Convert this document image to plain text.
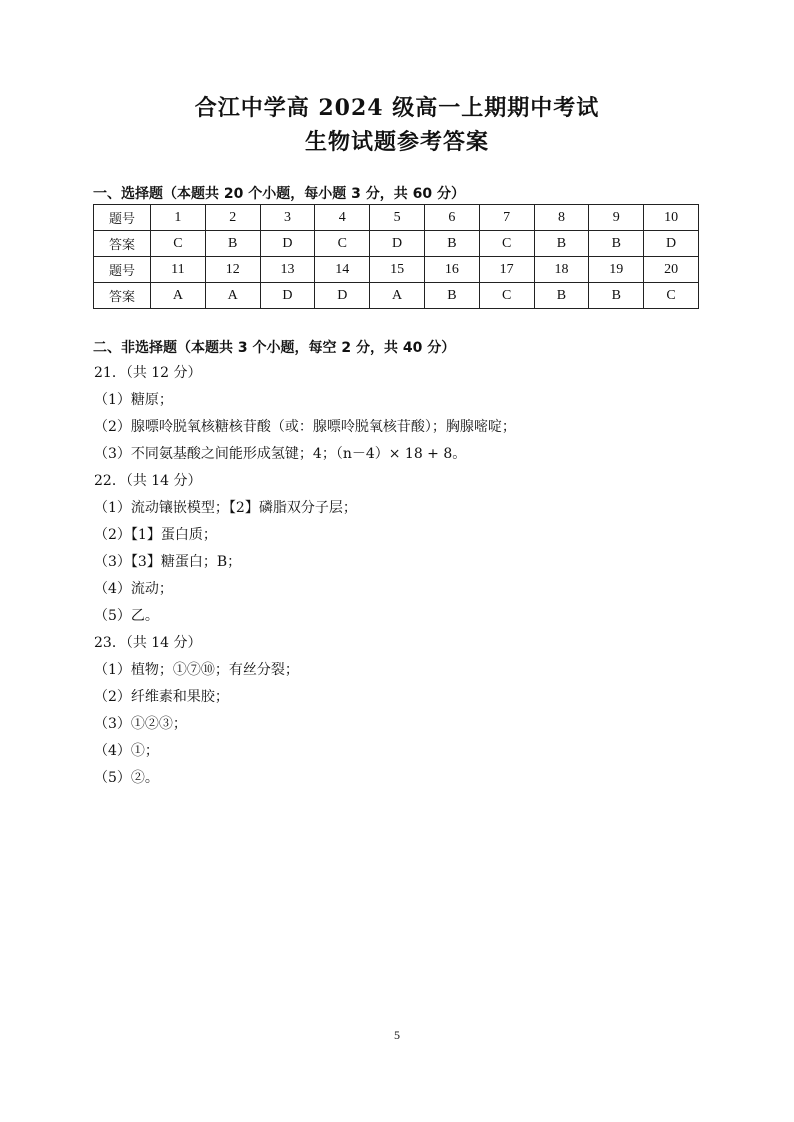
合江中学高 2024 级高一上期期中考试
生物试题参考答案
一、选择题（本题共 20 个小题，每小题 3 分，共 60 分）
题号	1	2	3	4	5	6	7	8	9	10
答案	C	B	D	C	D	B	C	B	B	D
题号	11	12	13	14	15	16	17	18	19	20
答案	A	A	D	D	A	B	C	B	B	C
二、非选择题（本题共 3 个小题，每空 2 分，共 40 分）
21．（共 12 分）
（1）糖原；
（2）腺嘌呤脱氧核糖核苷酸（或：腺嘌呤脱氧核苷酸）；胸腺嘧啶；
（3）不同氨基酸之间能形成氢键；4；（n－4）× 18 + 8。
22．（共 14 分）
（1）流动镶嵌模型；【2】磷脂双分子层；
（2）【1】蛋白质；
（3）【3】糖蛋白；B；
（4）流动；
（5）乙。
23．（共 14 分）
（1）植物；①⑦⑩；有丝分裂；
（2）纤维素和果胶；
（3）①②③；
（4）①；
（5）②。
5
